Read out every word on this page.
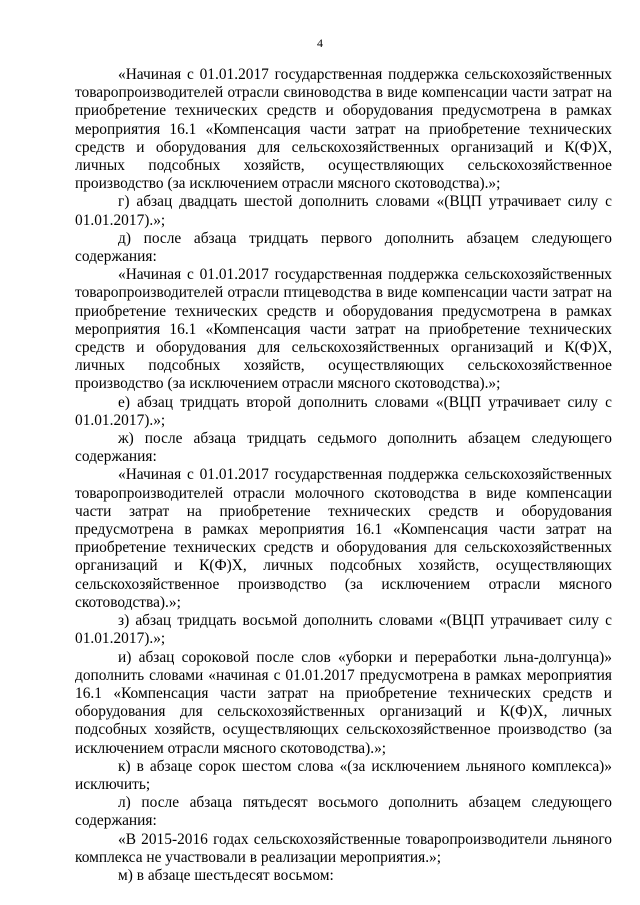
4

«Начиная с 01.01.2017 государственная поддержка сельскохозяйственных товаропроизводителей отрасли свиноводства в виде компенсации части затрат на приобретение технических средств и оборудования предусмотрена в рамках мероприятия 16.1 «Компенсация части затрат на приобретение технических средств и оборудования для сельскохозяйственных организаций и К(Ф)Х, личных подсобных хозяйств, осуществляющих сельскохозяйственное производство (за исключением отрасли мясного скотоводства).»;

г) абзац двадцать шестой дополнить словами «(ВЦП утрачивает силу с 01.01.2017).»;

д) после абзаца тридцать первого дополнить абзацем следующего содержания:

«Начиная с 01.01.2017 государственная поддержка сельскохозяйственных товаропроизводителей отрасли птицеводства в виде компенсации части затрат на приобретение технических средств и оборудования предусмотрена в рамках мероприятия 16.1 «Компенсация части затрат на приобретение технических средств и оборудования для сельскохозяйственных организаций и К(Ф)Х, личных подсобных хозяйств, осуществляющих сельскохозяйственное производство (за исключением отрасли мясного скотоводства).»;

е) абзац тридцать второй дополнить словами «(ВЦП утрачивает силу с 01.01.2017).»;

ж) после абзаца тридцать седьмого дополнить абзацем следующего содержания:

«Начиная с 01.01.2017 государственная поддержка сельскохозяйственных товаропроизводителей отрасли молочного скотоводства в виде компенсации части затрат на приобретение технических средств и оборудования предусмотрена в рамках мероприятия 16.1 «Компенсация части затрат на приобретение технических средств и оборудования для сельскохозяйственных организаций и К(Ф)Х, личных подсобных хозяйств, осуществляющих сельскохозяйственное производство (за исключением отрасли мясного скотоводства).»;

з) абзац тридцать восьмой дополнить словами «(ВЦП утрачивает силу с 01.01.2017).»;

и) абзац сороковой после слов «уборки и переработки льна-долгунца)» дополнить словами «начиная с 01.01.2017 предусмотрена в рамках мероприятия 16.1 «Компенсация части затрат на приобретение технических средств и оборудования для сельскохозяйственных организаций и К(Ф)Х, личных подсобных хозяйств, осуществляющих сельскохозяйственное производство (за исключением отрасли мясного скотоводства).»;

к) в абзаце сорок шестом слова «(за исключением льняного комплекса)» исключить;

л) после абзаца пятьдесят восьмого дополнить абзацем следующего содержания:

«В 2015-2016 годах сельскохозяйственные товаропроизводители льняного комплекса не участвовали в реализации мероприятия.»;

м) в абзаце шестьдесят восьмом:
